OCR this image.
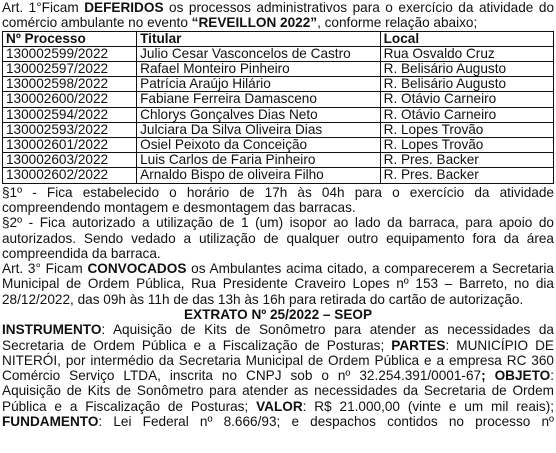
Art. 1°Ficam DEFERIDOS os processos administrativos para o exercício da atividade do
comércio ambulante no evento “REVEILLON 2022”, conforme relação abaixo;

Nº Processo	Titular	Local
130002599/2022	Julio Cesar Vasconcelos de Castro	Rua Osvaldo Cruz
130002597/2022	Rafael Monteiro Pinheiro	R. Belisário Augusto
130002598/2022	Patrícia Araújo Hilário	R. Belisário Augusto
130002600/2022	Fabiane Ferreira Damasceno	R. Otávio Carneiro
130002594/2022	Chlorys Gonçalves Dias Neto	R. Otávio Carneiro
130002593/2022	Julciara Da Silva Oliveira Dias	R. Lopes Trovão
130002601/2022	Osiel Peixoto da Conceição	R. Lopes Trovão
130002603/2022	Luis Carlos de Faria Pinheiro	R. Pres. Backer
130002602/2022	Arnaldo Bispo de oliveira Filho	R. Pres. Backer

§1º - Fica estabelecido o horário de 17h às 04h para o exercício da atividade
compreendendo montagem e desmontagem das barracas.

§2º - Fica autorizado a utilização de 1 (um) isopor ao lado da barraca, para apoio do
autorizados. Sendo vedado a utilização de qualquer outro equipamento fora da área
compreendida da barraca.

Art. 3° Ficam CONVOCADOS os Ambulantes acima citado, a comparecerem a Secretaria
Municipal de Ordem Pública, Rua Presidente Craveiro Lopes nº 153 – Barreto, no dia
28/12/2022, das 09h às 11h de das 13h às 16h para retirada do cartão de autorização.

EXTRATO Nº 25/2022 – SEOP

INSTRUMENTO: Aquisição de Kits de Sonômetro para atender as necessidades da
Secretaria de Ordem Pública e a Fiscalização de Posturas; PARTES: MUNICÍPIO DE
NITERÓI, por intermédio da Secretaria Municipal de Ordem Pública e a empresa RC 360
Comércio Serviço LTDA, inscrita no CNPJ sob o nº 32.254.391/0001-67; OBJETO:
Aquisição de Kits de Sonômetro para atender as necessidades da Secretaria de Ordem
Pública e a Fiscalização de Posturas; VALOR: R$ 21.000,00 (vinte e um mil reais);
FUNDAMENTO: Lei Federal nº 8.666/93; e despachos contidos no processo nº
